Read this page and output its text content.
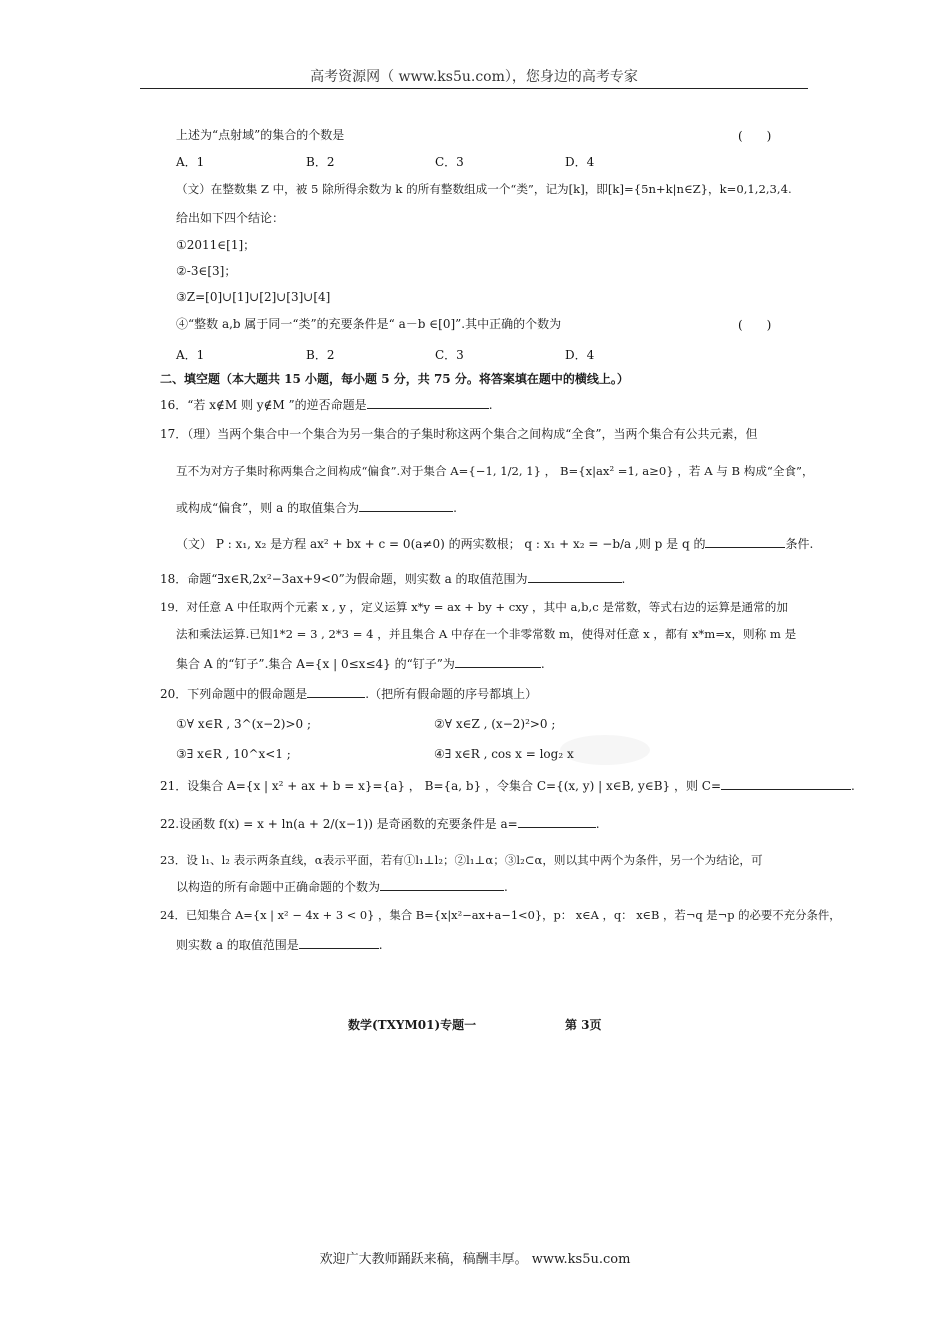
高考资源网（ www.ks5u.com），您身边的高考专家
上述为“点射域”的集合的个数是	(　　)
A．1	B．2	C．3	D．4
（文）在整数集 Z 中，被 5 除所得余数为 k 的所有整数组成一个“类”，记为[k]，即[k]={5n+k|n∈Z}，k=0,1,2,3,4.
给出如下四个结论：
①2011∈[1]；
②-3∈[3]；
③Z=[0]∪[1]∪[2]∪[3]∪[4]
④“整数 a,b 属于同一“类”的充要条件是“ a－b ∈[0]”.其中正确的个数为	(　　)
A．1	B．2	C．3	D．4
二、填空题（本大题共 15 小题，每小题 5 分，共 75 分。将答案填在题中的横线上。）
16．“若 x∉M 则 y∉M ”的逆否命题是	.
17．（理）当两个集合中一个集合为另一集合的子集时称这两个集合之间构成“全食”，当两个集合有公共元素，但
互不为对方子集时称两集合之间构成“偏食”.对于集合 A={−1, 1/2, 1} ， B={x|ax² =1, a≥0} ，若 A 与 B 构成“全食”，
或构成“偏食”，则 a 的取值集合为	.
（文） P : x₁, x₂ 是方程 ax² + bx + c = 0(a≠0) 的两实数根； q : x₁ + x₂ = −b/a ,则 p 是 q 的	条件.
18．命题“∃x∈R,2x²−3ax+9<0”为假命题，则实数 a 的取值范围为	.
19．对任意 A 中任取两个元素 x , y ，定义运算 x*y = ax + by + cxy ，其中 a,b,c 是常数，等式右边的运算是通常的加
法和乘法运算.已知1*2 = 3 , 2*3 = 4 ，并且集合 A 中存在一个非零常数 m，使得对任意 x ，都有 x*m=x，则称 m 是
集合 A 的“钉子”.集合 A={x | 0≤x≤4} 的“钉子”为	.
20．下列命题中的假命题是	.（把所有假命题的序号都填上）
①∀ x∈R , 3^(x−2)>0 ;	②∀ x∈Z , (x−2)²>0 ;
③∃ x∈R , 10^x<1 ;	④∃ x∈R , cos x = log₂ x
21．设集合 A={x | x² + ax + b = x}={a} ， B={a, b} ，令集合 C={(x, y) | x∈B, y∈B} ，则 C=	.
22.设函数 f(x) = x + ln(a + 2/(x−1)) 是奇函数的充要条件是 a=	.
23．设 l₁、l₂ 表示两条直线，α表示平面，若有①l₁⊥l₂；②l₁⊥α；③l₂⊂α，则以其中两个为条件，另一个为结论，可
以构造的所有命题中正确命题的个数为	.
24．已知集合 A={x | x² − 4x + 3 < 0} ，集合 B={x|x²−ax+a−1<0}，p： x∈A ，q： x∈B ，若¬q 是¬p 的必要不充分条件，
则实数 a 的取值范围是	.
数学(TXYM01)专题一	第 3页
欢迎广大教师踊跃来稿，稿酬丰厚。 www.ks5u.com
